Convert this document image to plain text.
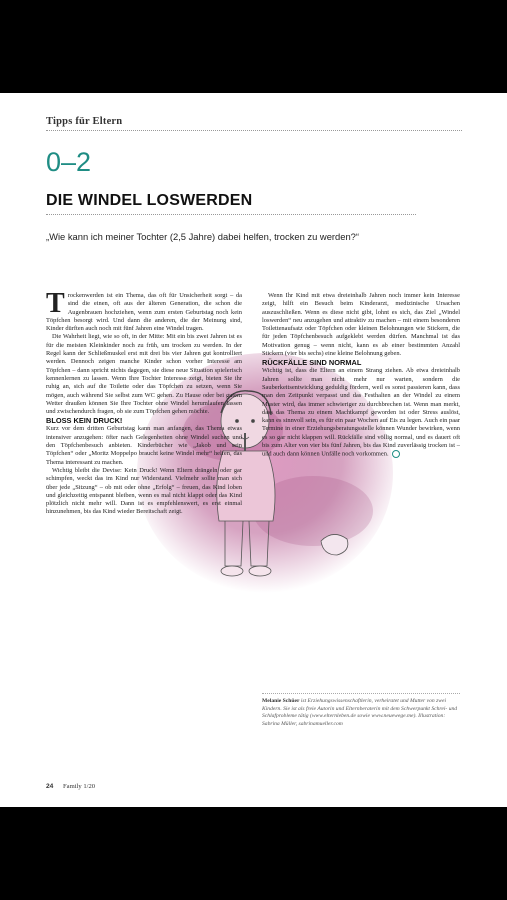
Tipps für Eltern
0–2
DIE WINDEL LOSWERDEN
„Wie kann ich meiner Tochter (2,5 Jahre) dabei helfen, trocken zu werden?“

Trockenwerden ist ein Thema, das oft für Unsicherheit sorgt – da sind die einen, oft aus der älteren Generation, die schon die Augenbrauen hochziehen, wenn zum ersten Geburtstag noch kein Töpfchen besorgt wird. Und dann die anderen, die der Meinung sind, Kinder dürften auch noch mit fünf Jahren eine Windel tragen.

Die Wahrheit liegt, wie so oft, in der Mitte: Mit ein bis zwei Jahren ist es für die meisten Kleinkinder noch zu früh, um trocken zu werden. In der Regel kann der Schließmuskel erst mit drei bis vier Jahren gut kontrolliert werden. Dennoch zeigen manche Kinder schon vorher Interesse am Töpfchen – dann spricht nichts dagegen, sie diese neue Situation spielerisch kennenlernen zu lassen. Wenn Ihre Tochter Interesse zeigt, bieten Sie ihr ruhig an, sich auf die Toilette oder das Töpfchen zu setzen, wenn Sie mögen, auch während Sie selbst zum WC gehen. Zu Hause oder bei gutem Wetter draußen können Sie Ihre Tochter ohne Windel herumlaufen lassen und zwischendurch fragen, ob sie zum Töpfchen gehen möchte.

BLOSS KEIN DRUCK!

Kurz vor dem dritten Geburtstag kann man anfangen, das Thema etwas intensiver anzugehen: öfter nach Gelegenheiten ohne Windel suchen und den Töpfchenbesuch anbieten. Kinderbücher wie „Jakob und sein Töpfchen“ oder „Moritz Moppelpo braucht keine Windel mehr“ helfen, das Thema interessant zu machen.

Wichtig bleibt die Devise: Kein Druck! Wenn Eltern drängeln oder gar schimpfen, weckt das im Kind nur Widerstand. Vielmehr sollte man sich über jede „Sitzung“ – ob mit oder ohne „Erfolg“ – freuen, das Kind loben und gleichzeitig entspannt bleiben, wenn es mal nicht klappt oder das Kind plötzlich nicht mehr will. Dann ist es empfehlenswert, es erst einmal hinzunehmen, bis das Kind wieder Bereitschaft zeigt.

Wenn Ihr Kind mit etwa dreieinhalb Jahren noch immer kein Interesse zeigt, hilft ein Besuch beim Kinderarzt, medizinische Ursachen auszuschließen. Wenn es diese nicht gibt, lohnt es sich, das Ziel „Windel loswerden“ neu anzugehen und attraktiv zu machen – mit einem besonderen Toilettenaufsatz oder Töpfchen oder kleinen Belohnungen wie Stickern, die für jeden Töpfchenbesuch aufgeklebt werden dürfen. Manchmal ist das Motivation genug – wenn nicht, kann es ab einer bestimmten Anzahl Stickern (vier bis sechs) eine kleine Belohnung geben.

RÜCKFÄLLE SIND NORMAL

Wichtig ist, dass die Eltern an einem Strang ziehen. Ab etwa dreieinhalb Jahren sollte man nicht mehr nur warten, sondern die Sauberkeitsentwicklung geduldig fördern, weil es sonst passieren kann, dass man den Zeitpunkt verpasst und das Festhalten an der Windel zu einem Muster wird, das immer schwieriger zu durchbrechen ist. Wenn man merkt, dass das Thema zu einem Machtkampf geworden ist oder Stress auslöst, kann es sinnvoll sein, es für ein paar Wochen auf Eis zu legen. Auch ein paar Termine in einer Erziehungsberatungsstelle können Wunder bewirken, wenn es so gar nicht klappen will. Rückfälle sind völlig normal, und es dauert oft bis zum Alter von vier bis fünf Jahren, bis das Kind zuverlässig trocken ist – und auch dann können Unfälle noch vorkommen.

Melanie Schüer ist Erziehungswissenschaftlerin, verheiratet und Mutter von zwei Kindern. Sie ist als freie Autorin und Elternberaterin mit dem Schwerpunkt Schrei- und Schlafprobleme tätig (www.elternleben.de sowie www.neuewege.me). Illustration: Sabrina Müller, sabrinamueller.com
24 Family 1/20
